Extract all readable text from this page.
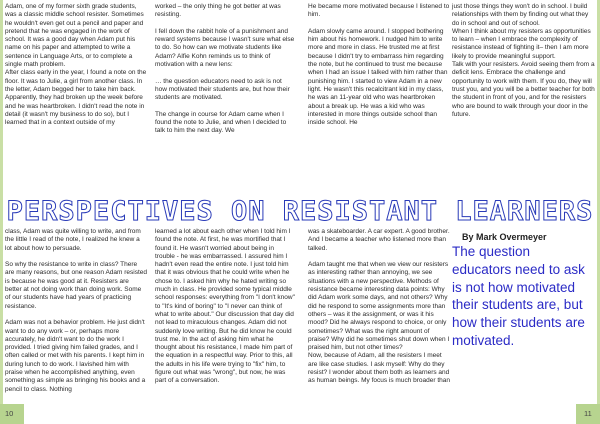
10

Adam, one of my former sixth grade students, was a classic middle school resister. Sometimes he wouldn't even get out a pencil and paper and pretend that he was engaged in the work of school. It was a good day when Adam put his name on his paper and attempted to write a sentence in Language Arts, or to complete a single math problem.
After class early in the year, I found a note on the floor. It was to Julie, a girl from another class. In the letter, Adam begged her to take him back. Apparently, they had broken up the week before and he was heartbroken. I didn't read the note in detail (it wasn't my business to do so), but I learned that in a context outside of my

class, Adam was quite willing to write, and from the little I read of the note, I realized he knew a lot about how to persuade.

So why the resistance to write in class? There are many reasons, but one reason Adam resisted is because he was good at it. Resisters are better at not doing work than doing work. Some of our students have had years of practicing resistance.

Adam was not a behavior problem. He just didn't want to do any work – or, perhaps more accurately, he didn't want to do the work I provided. I tried giving him failed grades, and I often called or met with his parents. I kept him in during lunch to do work. I lavished him with praise when he accomplished anything, even something as simple as bringing his books and a pencil to class. Nothing

worked – the only thing he got better at was resisting.

I fell down the rabbit hole of a punishment and reward systems because I wasn't sure what else to do. So how can we motivate students like Adam? Alfie Kohn reminds us to think of motivation with a new lens:

… the question educators need to ask is not how motivated their students are, but how their students are motivated.

The change in course for Adam came when I found the note to Julie, and when I decided to talk to him the next day. We

learned a lot about each other when I told him I found the note. At first, he was mortified that I found it. He wasn't worried about being in trouble - he was embarrassed. I assured him I hadn't even read the entire note. I just told him that it was obvious that he could write when he chose to. I asked him why he hated writing so much in class. He provided some typical middle school responses: everything from "I don't know" to "It's kind of boring" to "I never can think of what to write about." Our discussion that day did not lead to miraculous changes. Adam did not suddenly love writing. But he did know he could trust me. In the act of asking him what he thought about his resistance, I made him part of the equation in a respectful way. Prior to this, all the adults in his life were trying to "fix" him, to figure out what was "wrong", but now, he was part of a conversation.

11

He became more motivated because I listened to him.

Adam slowly came around. I stopped bothering him about his homework. I nudged him to write more and more in class. He trusted me at first because I didn't try to embarrass him regarding the note, but he continued to trust me because when I had an issue I talked with him rather than punishing him. I started to view Adam in a new light. He wasn't this recalcitrant kid in my class, he was an 11-year old who was heartbroken about a break up. He was a kid who was interested in more things outside school than inside school. He

was a skateboarder. A car expert. A good brother. And I became a teacher who listened more than talked.

Adam taught me that when we view our resisters as interesting rather than annoying, we see situations with a new perspective. Methods of resistance became interesting data points: Why did Adam work some days, and not others? Why did he respond to some assignments more than others – was it the assignment, or was it his mood? Did he always respond to choice, or only sometimes? What was the right amount of praise? Why did he sometimes shut down when I praised him, but not other times?
Now, because of Adam, all the resisters I meet are like case studies. I ask myself: Why do they resist? I wonder about them both as learners and as human beings. My focus is much broader than

just those things they won't do in school. I build relationships with them by finding out what they do in school and out of school.
When I think about my resisters as opportunities to learn – when I embrace the complexity of resistance instead of fighting it– then I am more likely to provide meaningful support.
Talk with your resisters. Avoid seeing them from a deficit lens. Embrace the challenge and opportunity to work with them. If you do, they will trust you, and you will be a better teacher for both the student in front of you, and for the resisters who are bound to walk through your door in the future.

PERSPECTIVES ON RESISTANT LEARNERS
By Mark Overmeyer
The question educators need to ask is not how motivated their students are, but how their students are motivated.
